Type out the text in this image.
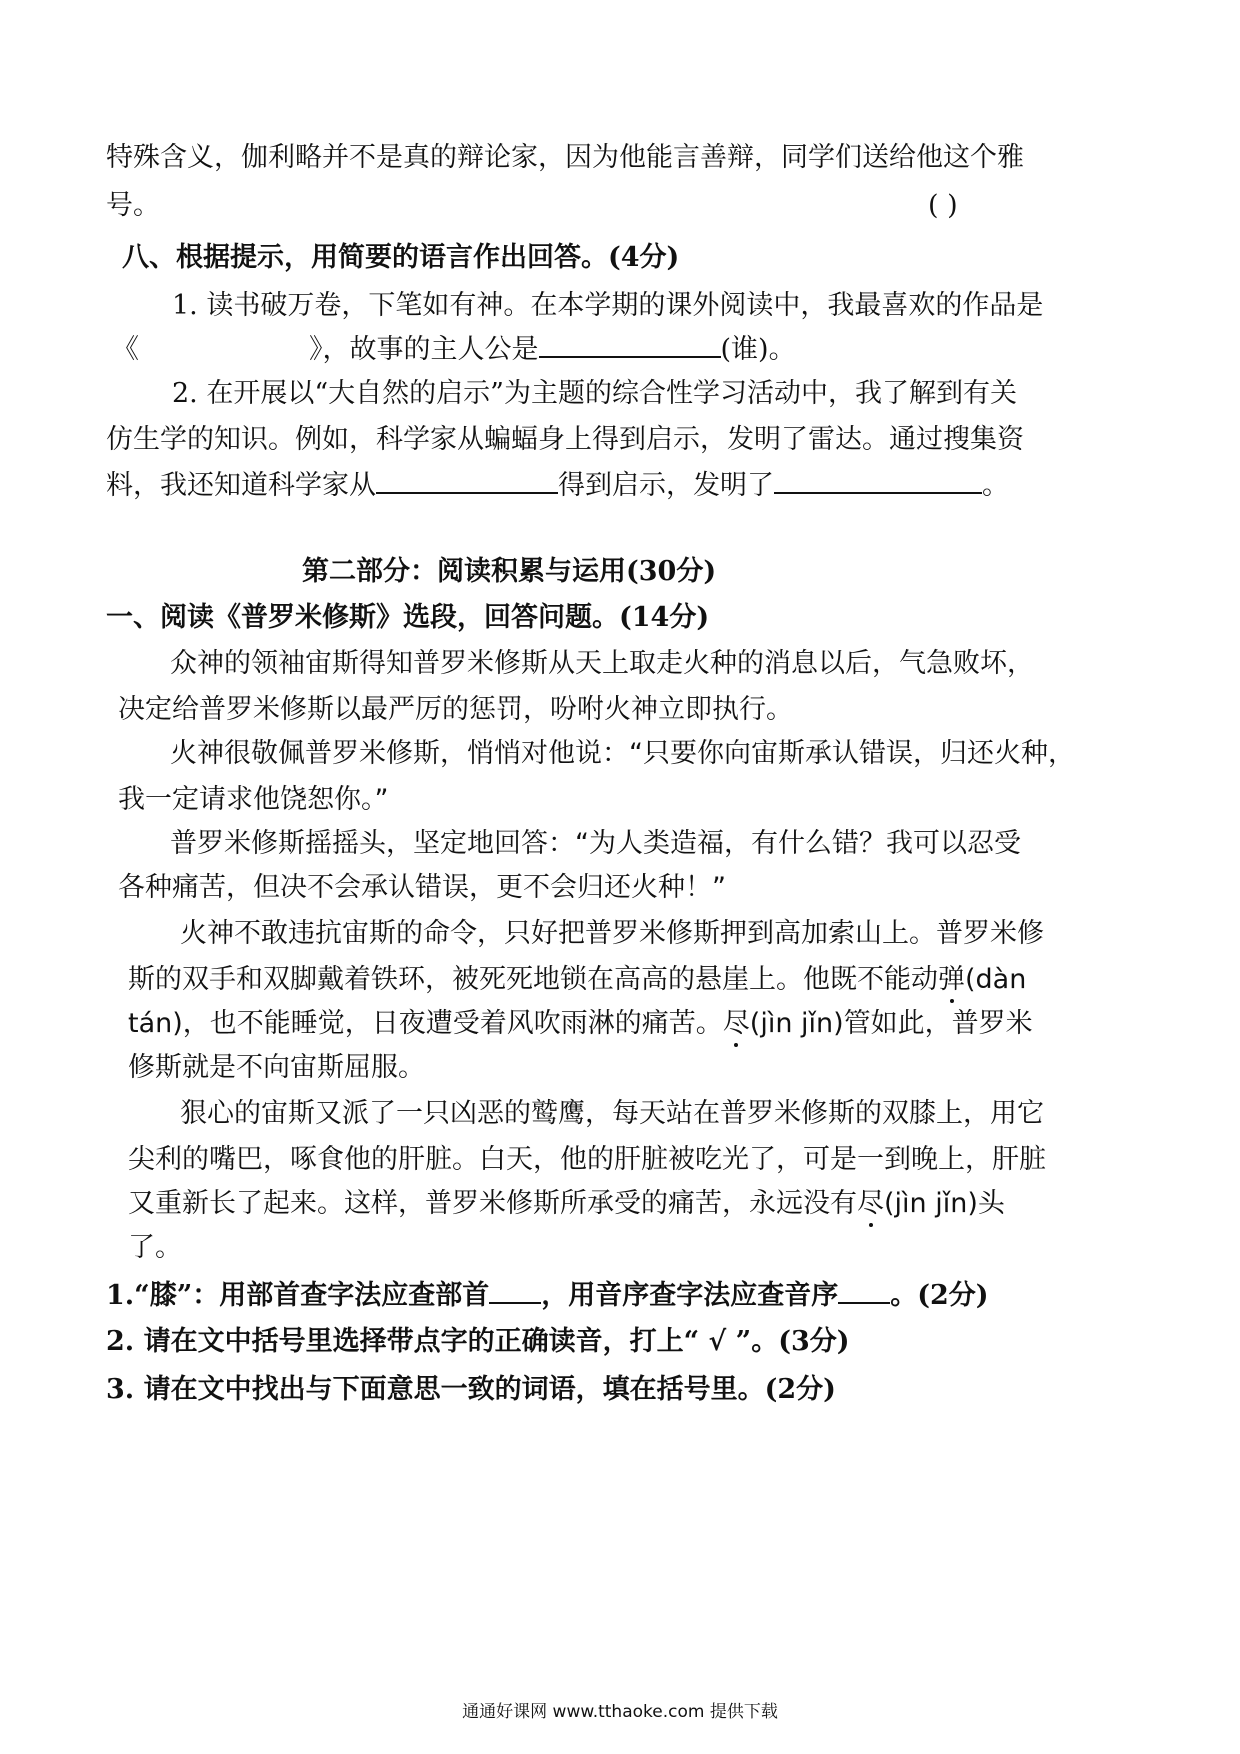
特殊含义，伽利略并不是真的辩论家，因为他能言善辩，同学们送给他这个雅
号。	( )
八、根据提示，用简要的语言作出回答。(4分)
1. 读书破万卷，下笔如有神。在本学期的课外阅读中，我最喜欢的作品是
《	》，故事的主人公是	(谁)。
2. 在开展以“大自然的启示”为主题的综合性学习活动中，我了解到有关
仿生学的知识。例如，科学家从蝙蝠身上得到启示，发明了雷达。通过搜集资
料，我还知道科学家从	得到启示，发明了	。
第二部分：阅读积累与运用(30分)
一、阅读《普罗米修斯》选段，回答问题。(14分)
众神的领袖宙斯得知普罗米修斯从天上取走火种的消息以后，气急败坏，
决定给普罗米修斯以最严厉的惩罚，吩咐火神立即执行。
火神很敬佩普罗米修斯，悄悄对他说：“只要你向宙斯承认错误，归还火种，
我一定请求他饶恕你。”
普罗米修斯摇摇头，坚定地回答：“为人类造福，有什么错？我可以忍受
各种痛苦，但决不会承认错误，更不会归还火种！”
火神不敢违抗宙斯的命令，只好把普罗米修斯押到高加索山上。普罗米修
斯的双手和双脚戴着铁环，被死死地锁在高高的悬崖上。他既不能动弹(dàn
tán)，也不能睡觉，日夜遭受着风吹雨淋的痛苦。尽(jìn jǐn)管如此，普罗米
修斯就是不向宙斯屈服。
狠心的宙斯又派了一只凶恶的鹫鹰，每天站在普罗米修斯的双膝上，用它
尖利的嘴巴，啄食他的肝脏。白天，他的肝脏被吃光了，可是一到晚上，肝脏
又重新长了起来。这样，普罗米修斯所承受的痛苦，永远没有尽(jìn jǐn)头
了。
1.“膝”：用部首查字法应查部首 ，用音序查字法应查音序 。(2分)
2. 请在文中括号里选择带点字的正确读音，打上“ √ ”。(3分)
3. 请在文中找出与下面意思一致的词语，填在括号里。(2分)
通通好课网 www.tthaoke.com 提供下载
